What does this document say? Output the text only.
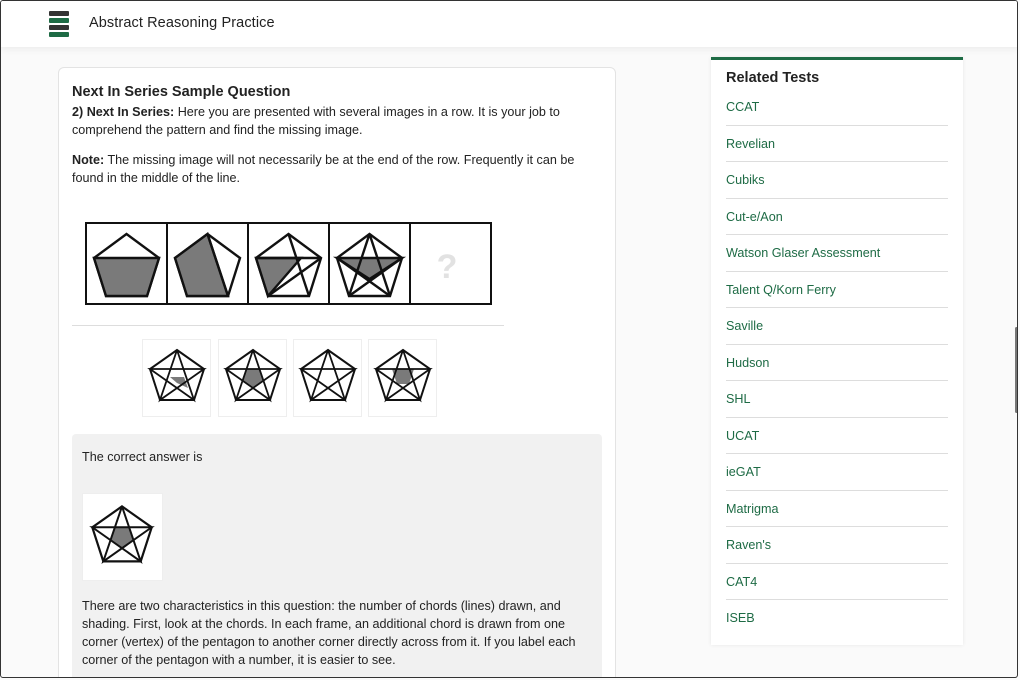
Abstract Reasoning Practice
Next In Series Sample Question
2) Next In Series: Here you are presented with several images in a row. It is your job to comprehend the pattern and find the missing image.
Note: The missing image will not necessarily be at the end of the row. Frequently it can be found in the middle of the line.
?
The correct answer is
There are two characteristics in this question: the number of chords (lines) drawn, and shading. First, look at the chords. In each frame, an additional chord is drawn from one corner (vertex) of the pentagon to another corner directly across from it. If you label each corner of the pentagon with a number, it is easier to see.
Related Tests
CCAT
Revelian
Cubiks
Cut-e/Aon
Watson Glaser Assessment
Talent Q/Korn Ferry
Saville
Hudson
SHL
UCAT
ieGAT
Matrigma
Raven's
CAT4
ISEB
